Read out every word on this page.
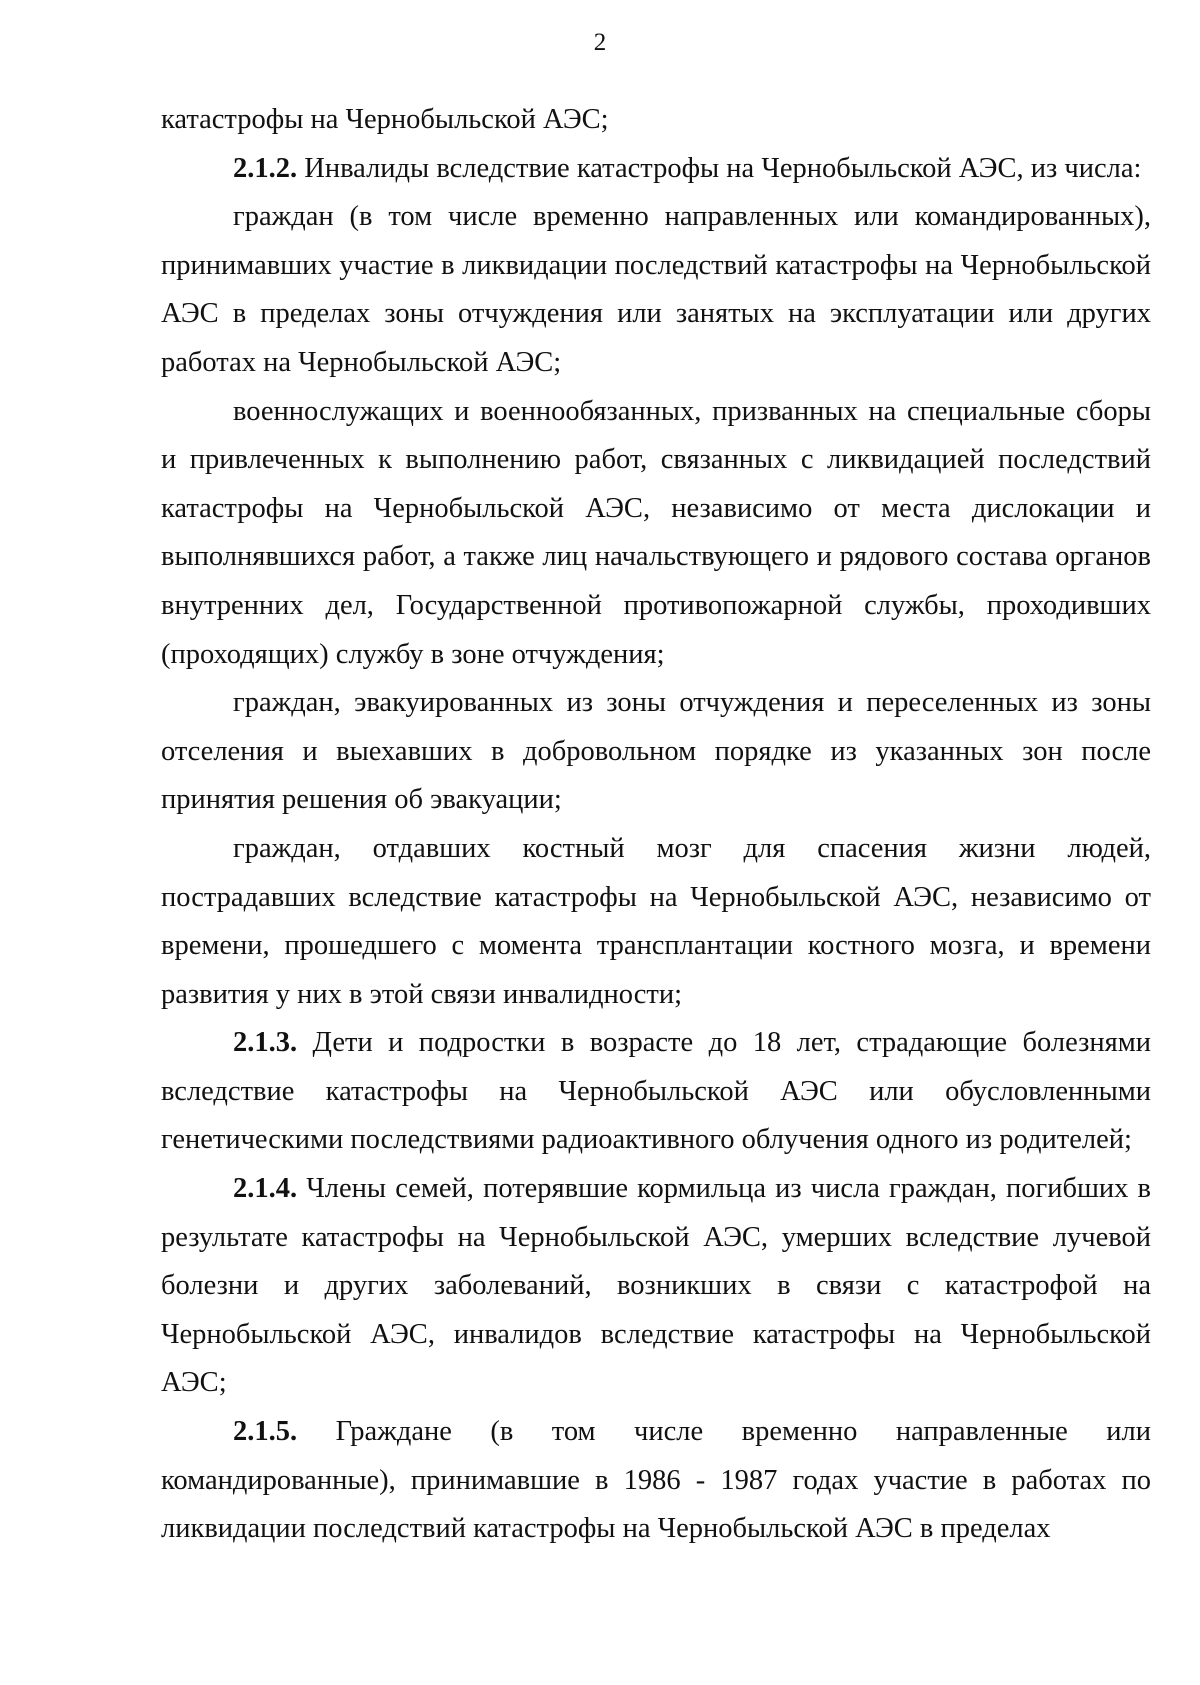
2

катастрофы на Чернобыльской АЭС;

2.1.2. Инвалиды вследствие катастрофы на Чернобыльской АЭС, из числа:

граждан (в том числе временно направленных или командированных), принимавших участие в ликвидации последствий катастрофы на Чернобыльской АЭС в пределах зоны отчуждения или занятых на эксплуатации или других работах на Чернобыльской АЭС;

военнослужащих и военнообязанных, призванных на специальные сборы и привлеченных к выполнению работ, связанных с ликвидацией последствий катастрофы на Чернобыльской АЭС, независимо от места дислокации и выполнявшихся работ, а также лиц начальствующего и рядового состава органов внутренних дел, Государственной противопожарной службы, проходивших (проходящих) службу в зоне отчуждения;

граждан, эвакуированных из зоны отчуждения и переселенных из зоны отселения и выехавших в добровольном порядке из указанных зон после принятия решения об эвакуации;

граждан, отдавших костный мозг для спасения жизни людей, пострадавших вследствие катастрофы на Чернобыльской АЭС, независимо от времени, прошедшего с момента трансплантации костного мозга, и времени развития у них в этой связи инвалидности;

2.1.3. Дети и подростки в возрасте до 18 лет, страдающие болезнями вследствие катастрофы на Чернобыльской АЭС или обусловленными генетическими последствиями радиоактивного облучения одного из родителей;

2.1.4. Члены семей, потерявшие кормильца из числа граждан, погибших в результате катастрофы на Чернобыльской АЭС, умерших вследствие лучевой болезни и других заболеваний, возникших в связи с катастрофой на Чернобыльской АЭС, инвалидов вследствие катастрофы на Чернобыльской АЭС;

2.1.5. Граждане (в том числе временно направленные или командированные), принимавшие в 1986 - 1987 годах участие в работах по ликвидации последствий катастрофы на Чернобыльской АЭС в пределах
